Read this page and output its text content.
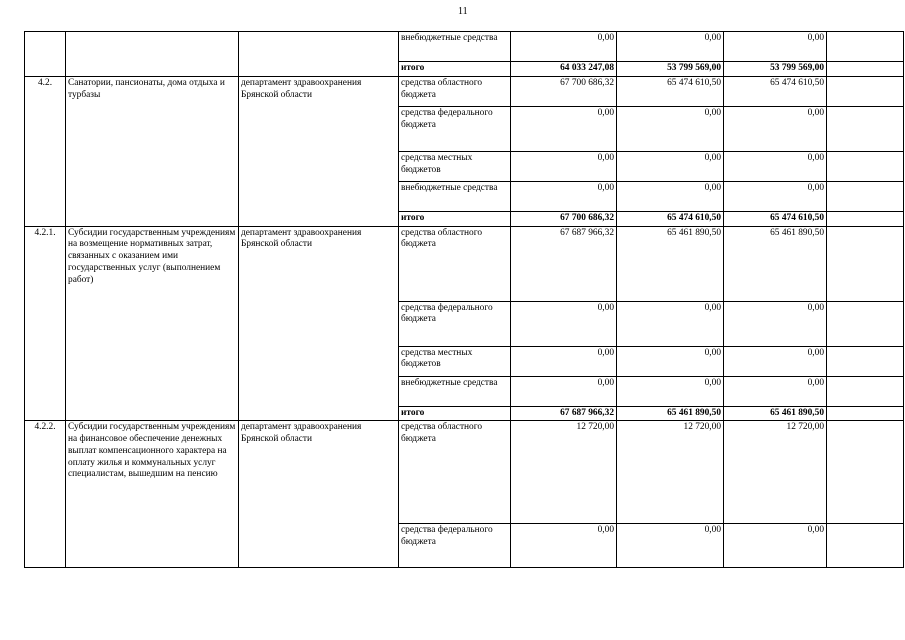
11
			внебюджетные средства	0,00	0,00	0,00	
			итого	64 033 247,08	53 799 569,00	53 799 569,00	
4.2.	Санатории, пансионаты, дома отдыха и турбазы	департамент здравоохранения Брянской области	средства областного бюджета	67 700 686,32	65 474 610,50	65 474 610,50	
			средства федерального бюджета	0,00	0,00	0,00	
			средства местных бюджетов	0,00	0,00	0,00	
			внебюджетные средства	0,00	0,00	0,00	
			итого	67 700 686,32	65 474 610,50	65 474 610,50	
4.2.1.	Субсидии государственным учреждениям на возмещение нормативных затрат, связанных с оказанием ими государственных услуг (выполнением работ)	департамент здравоохранения Брянской области	средства областного бюджета	67 687 966,32	65 461 890,50	65 461 890,50	
			средства федерального бюджета	0,00	0,00	0,00	
			средства местных бюджетов	0,00	0,00	0,00	
			внебюджетные средства	0,00	0,00	0,00	
			итого	67 687 966,32	65 461 890,50	65 461 890,50	
4.2.2.	Субсидии государственным учреждениям на финансовое обеспечение денежных выплат компенсационного характера на оплату жилья и коммунальных услуг специалистам, вышедшим на пенсию	департамент здравоохранения Брянской области	средства областного бюджета	12 720,00	12 720,00	12 720,00	
			средства федерального бюджета	0,00	0,00	0,00	
